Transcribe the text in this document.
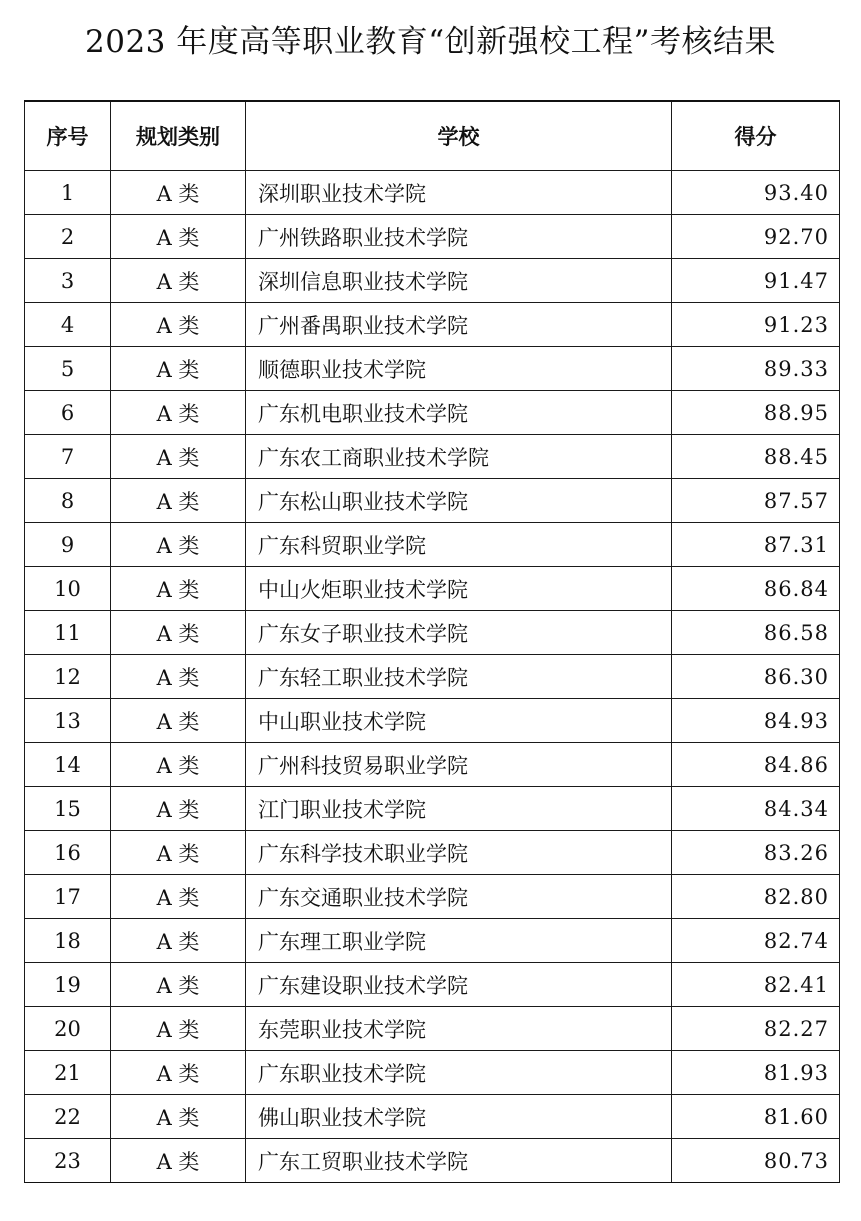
2023 年度高等职业教育“创新强校工程”考核结果
序号	规划类别	学校	得分
1	A 类	深圳职业技术学院	93.40
2	A 类	广州铁路职业技术学院	92.70
3	A 类	深圳信息职业技术学院	91.47
4	A 类	广州番禺职业技术学院	91.23
5	A 类	顺德职业技术学院	89.33
6	A 类	广东机电职业技术学院	88.95
7	A 类	广东农工商职业技术学院	88.45
8	A 类	广东松山职业技术学院	87.57
9	A 类	广东科贸职业学院	87.31
10	A 类	中山火炬职业技术学院	86.84
11	A 类	广东女子职业技术学院	86.58
12	A 类	广东轻工职业技术学院	86.30
13	A 类	中山职业技术学院	84.93
14	A 类	广州科技贸易职业学院	84.86
15	A 类	江门职业技术学院	84.34
16	A 类	广东科学技术职业学院	83.26
17	A 类	广东交通职业技术学院	82.80
18	A 类	广东理工职业学院	82.74
19	A 类	广东建设职业技术学院	82.41
20	A 类	东莞职业技术学院	82.27
21	A 类	广东职业技术学院	81.93
22	A 类	佛山职业技术学院	81.60
23	A 类	广东工贸职业技术学院	80.73
